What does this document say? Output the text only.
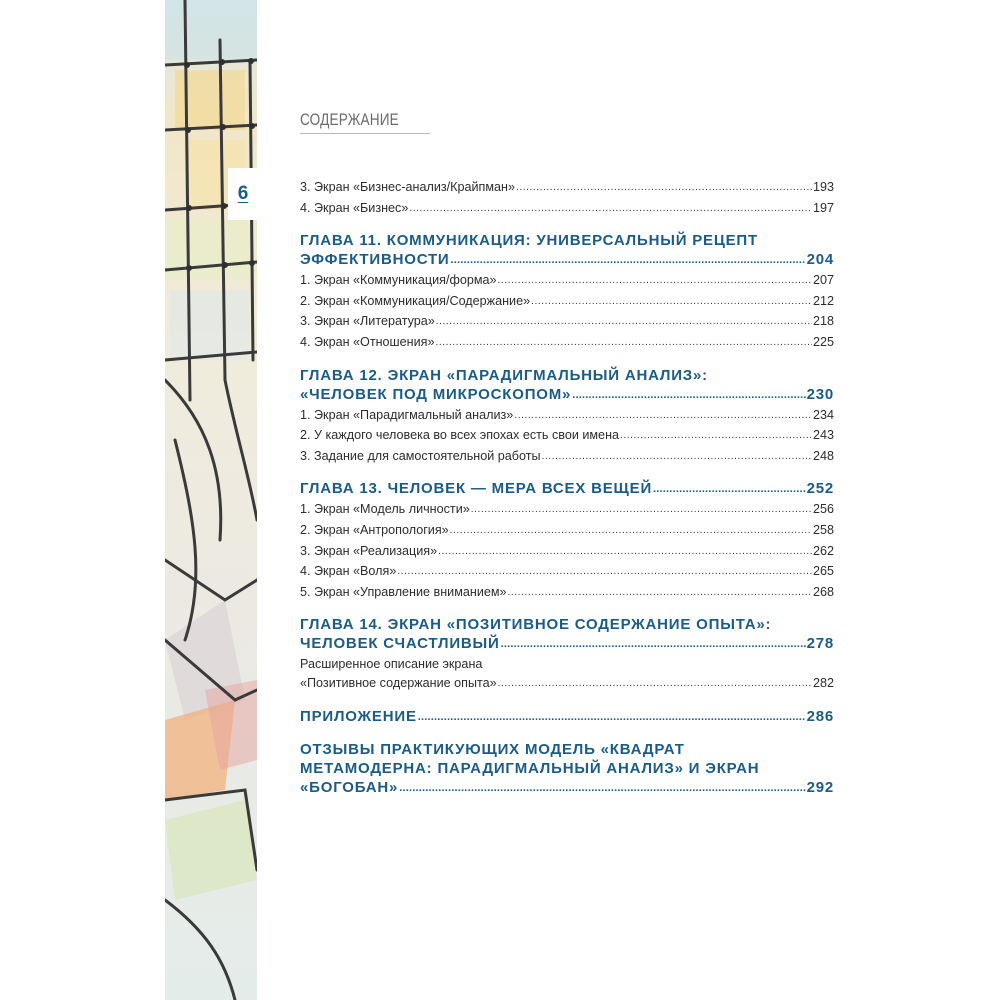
6
СОДЕРЖАНИЕ
3. Экран «Бизнес-анализ/Крайпман» .....	193
4. Экран «Бизнес» .....	197
ГЛАВА 11. КОММУНИКАЦИЯ: УНИВЕРСАЛЬНЫЙ РЕЦЕПТ
ЭФФЕКТИВНОСТИ .....	204
1. Экран «Коммуникация/форма» .....	207
2. Экран «Коммуникация/Содержание» .....	212
3. Экран «Литература» .....	218
4. Экран «Отношения» .....	225
ГЛАВА 12. ЭКРАН «ПАРАДИГМАЛЬНЫЙ АНАЛИЗ»:
«ЧЕЛОВЕК ПОД МИКРОСКОПОМ» .....	230
1. Экран «Парадигмальный анализ» .....	234
2. У каждого человека во всех эпохах есть свои имена .....	243
3. Задание для самостоятельной работы .....	248
ГЛАВА 13. ЧЕЛОВЕК — МЕРА ВСЕХ ВЕЩЕЙ .....	252
1. Экран «Модель личности» .....	256
2. Экран «Антропология» .....	258
3. Экран «Реализация» .....	262
4. Экран «Воля» .....	265
5. Экран «Управление вниманием» .....	268
ГЛАВА 14. ЭКРАН «ПОЗИТИВНОЕ СОДЕРЖАНИЕ ОПЫТА»:
ЧЕЛОВЕК СЧАСТЛИВЫЙ .....	278
Расширенное описание экрана
«Позитивное содержание опыта» .....	282
ПРИЛОЖЕНИЕ .....	286
ОТЗЫВЫ ПРАКТИКУЮЩИХ МОДЕЛЬ «КВАДРАТ
МЕТАМОДЕРНА: ПАРАДИГМАЛЬНЫЙ АНАЛИЗ» И ЭКРАН
«БОГОБАН» .....	292
